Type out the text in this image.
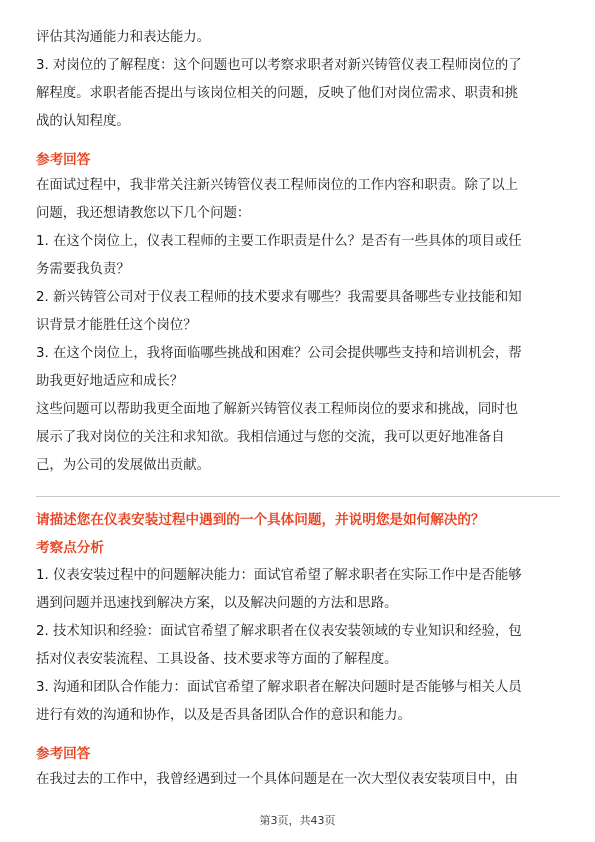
评估其沟通能力和表达能力。
3. 对岗位的了解程度：这个问题也可以考察求职者对新兴铸管仪表工程师岗位的了
解程度。求职者能否提出与该岗位相关的问题，反映了他们对岗位需求、职责和挑
战的认知程度。
参考回答
在面试过程中，我非常关注新兴铸管仪表工程师岗位的工作内容和职责。除了以上
问题，我还想请教您以下几个问题：
1. 在这个岗位上，仪表工程师的主要工作职责是什么？是否有一些具体的项目或任
务需要我负责？
2. 新兴铸管公司对于仪表工程师的技术要求有哪些？我需要具备哪些专业技能和知
识背景才能胜任这个岗位？
3. 在这个岗位上，我将面临哪些挑战和困难？公司会提供哪些支持和培训机会，帮
助我更好地适应和成长？
这些问题可以帮助我更全面地了解新兴铸管仪表工程师岗位的要求和挑战，同时也
展示了我对岗位的关注和求知欲。我相信通过与您的交流，我可以更好地准备自
己，为公司的发展做出贡献。
请描述您在仪表安装过程中遇到的一个具体问题，并说明您是如何解决的？
考察点分析
1. 仪表安装过程中的问题解决能力：面试官希望了解求职者在实际工作中是否能够
遇到问题并迅速找到解决方案，以及解决问题的方法和思路。
2. 技术知识和经验：面试官希望了解求职者在仪表安装领域的专业知识和经验，包
括对仪表安装流程、工具设备、技术要求等方面的了解程度。
3. 沟通和团队合作能力：面试官希望了解求职者在解决问题时是否能够与相关人员
进行有效的沟通和协作，以及是否具备团队合作的意识和能力。
参考回答
在我过去的工作中，我曾经遇到过一个具体问题是在一次大型仪表安装项目中，由
第3页，共43页
